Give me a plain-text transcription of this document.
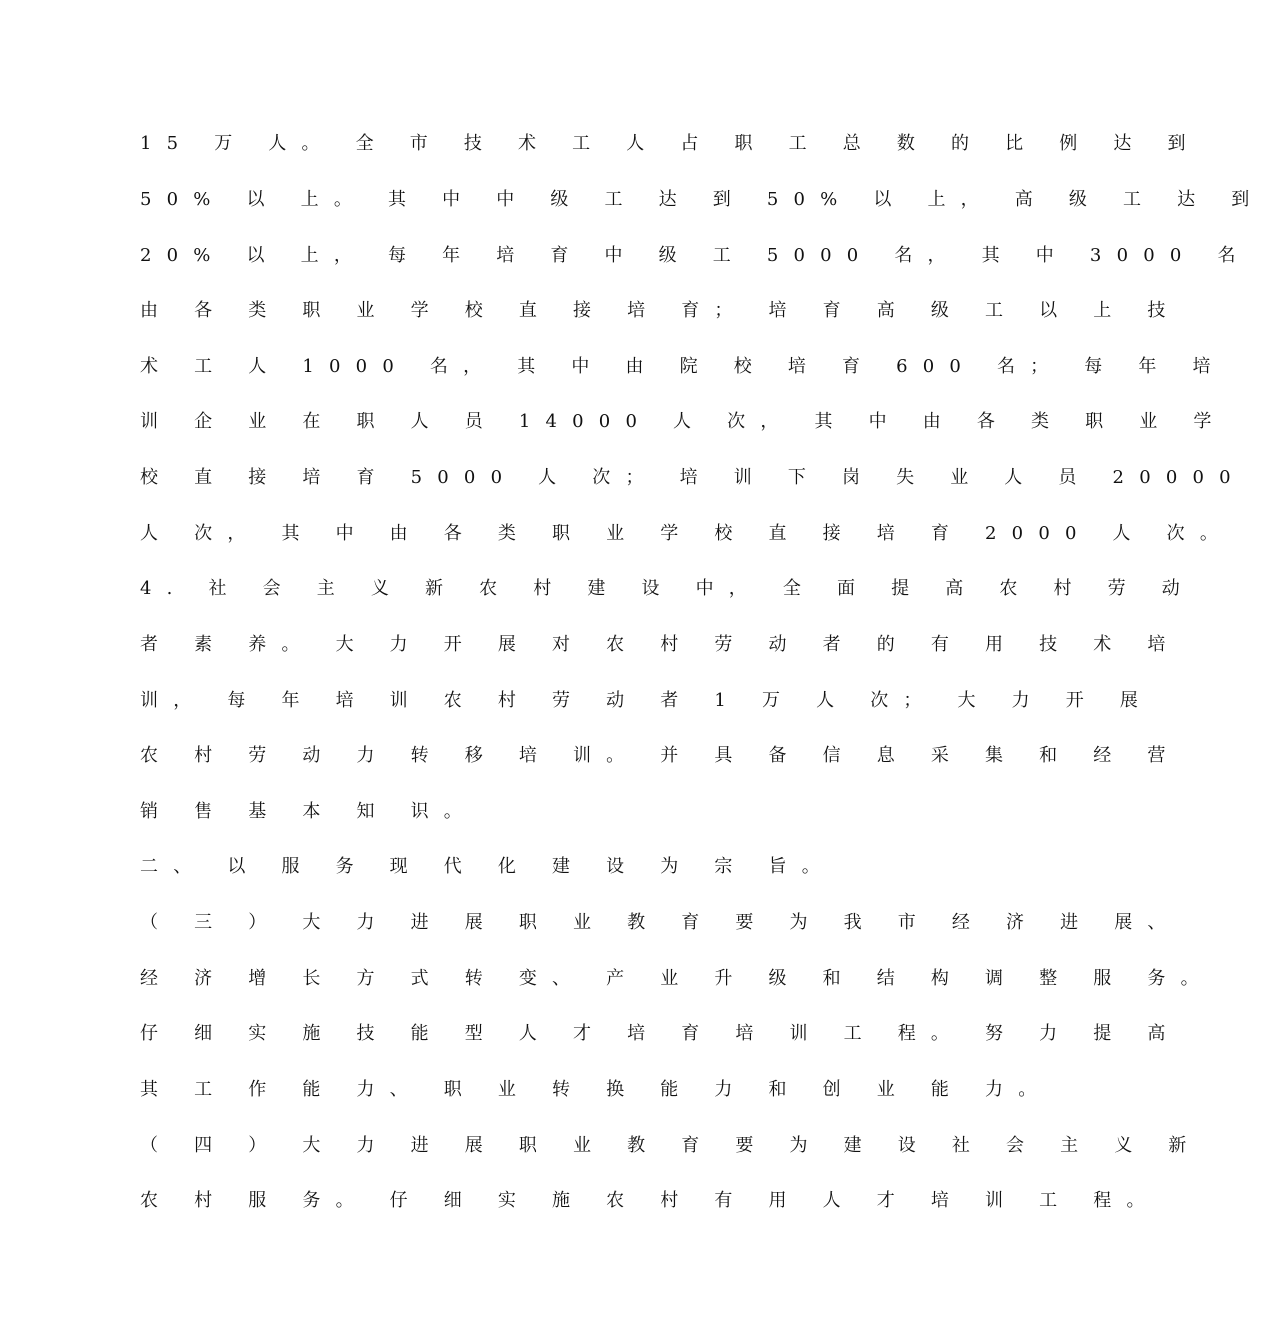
15 万 人。 全 市 技 术 工 人 占 职 工 总 数 的 比 例 达 到
50% 以 上。 其 中 中 级 工 达 到 50% 以 上， 高 级 工 达 到
20% 以 上， 每 年 培 育 中 级 工 5000 名， 其 中 3000 名
由 各 类 职 业 学 校 直 接 培 育； 培 育 高 级 工 以 上 技
术 工 人 1000 名， 其 中 由 院 校 培 育 600 名； 每 年 培
训 企 业 在 职 人 员 14000 人 次， 其 中 由 各 类 职 业 学
校 直 接 培 育 5000 人 次； 培 训 下 岗 失 业 人 员 20000
人 次， 其 中 由 各 类 职 业 学 校 直 接 培 育 2000 人 次。
4. 社 会 主 义 新 农 村 建 设 中， 全 面 提 高 农 村 劳 动
者 素 养。 大 力 开 展 对 农 村 劳 动 者 的 有 用 技 术 培
训， 每 年 培 训 农 村 劳 动 者 1 万 人 次； 大 力 开 展
农 村 劳 动 力 转 移 培 训。 并 具 备 信 息 采 集 和 经 营
销 售 基 本 知 识。
二、 以 服 务 现 代 化 建 设 为 宗 旨。
（ 三 ） 大 力 进 展 职 业 教 育 要 为 我 市 经 济 进 展、
经 济 增 长 方 式 转 变、 产 业 升 级 和 结 构 调 整 服 务。
仔 细 实 施 技 能 型 人 才 培 育 培 训 工 程。 努 力 提 高
其 工 作 能 力、 职 业 转 换 能 力 和 创 业 能 力。
（ 四 ） 大 力 进 展 职 业 教 育 要 为 建 设 社 会 主 义 新
农 村 服 务。 仔 细 实 施 农 村 有 用 人 才 培 训 工 程。
